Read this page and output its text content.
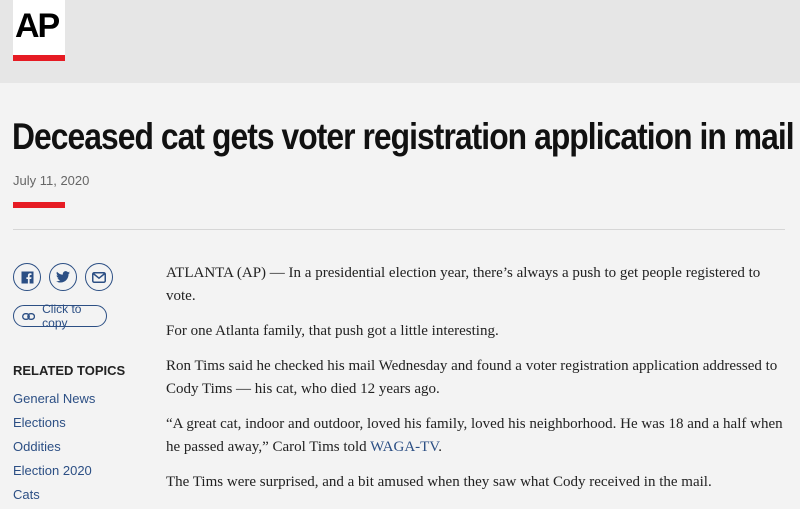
AP
Deceased cat gets voter registration application in mail
July 11, 2020
Click to copy
RELATED TOPICS
General News
Elections
Oddities
Election 2020
Cats

ATLANTA (AP) — In a presidential election year, there’s always a push to get people registered to vote.

For one Atlanta family, that push got a little interesting.

Ron Tims said he checked his mail Wednesday and found a voter registration application addressed to Cody Tims — his cat, who died 12 years ago.

“A great cat, indoor and outdoor, loved his family, loved his neighborhood. He was 18 and a half when he passed away,” Carol Tims told WAGA-TV.

The Tims were surprised, and a bit amused when they saw what Cody received in the mail.
